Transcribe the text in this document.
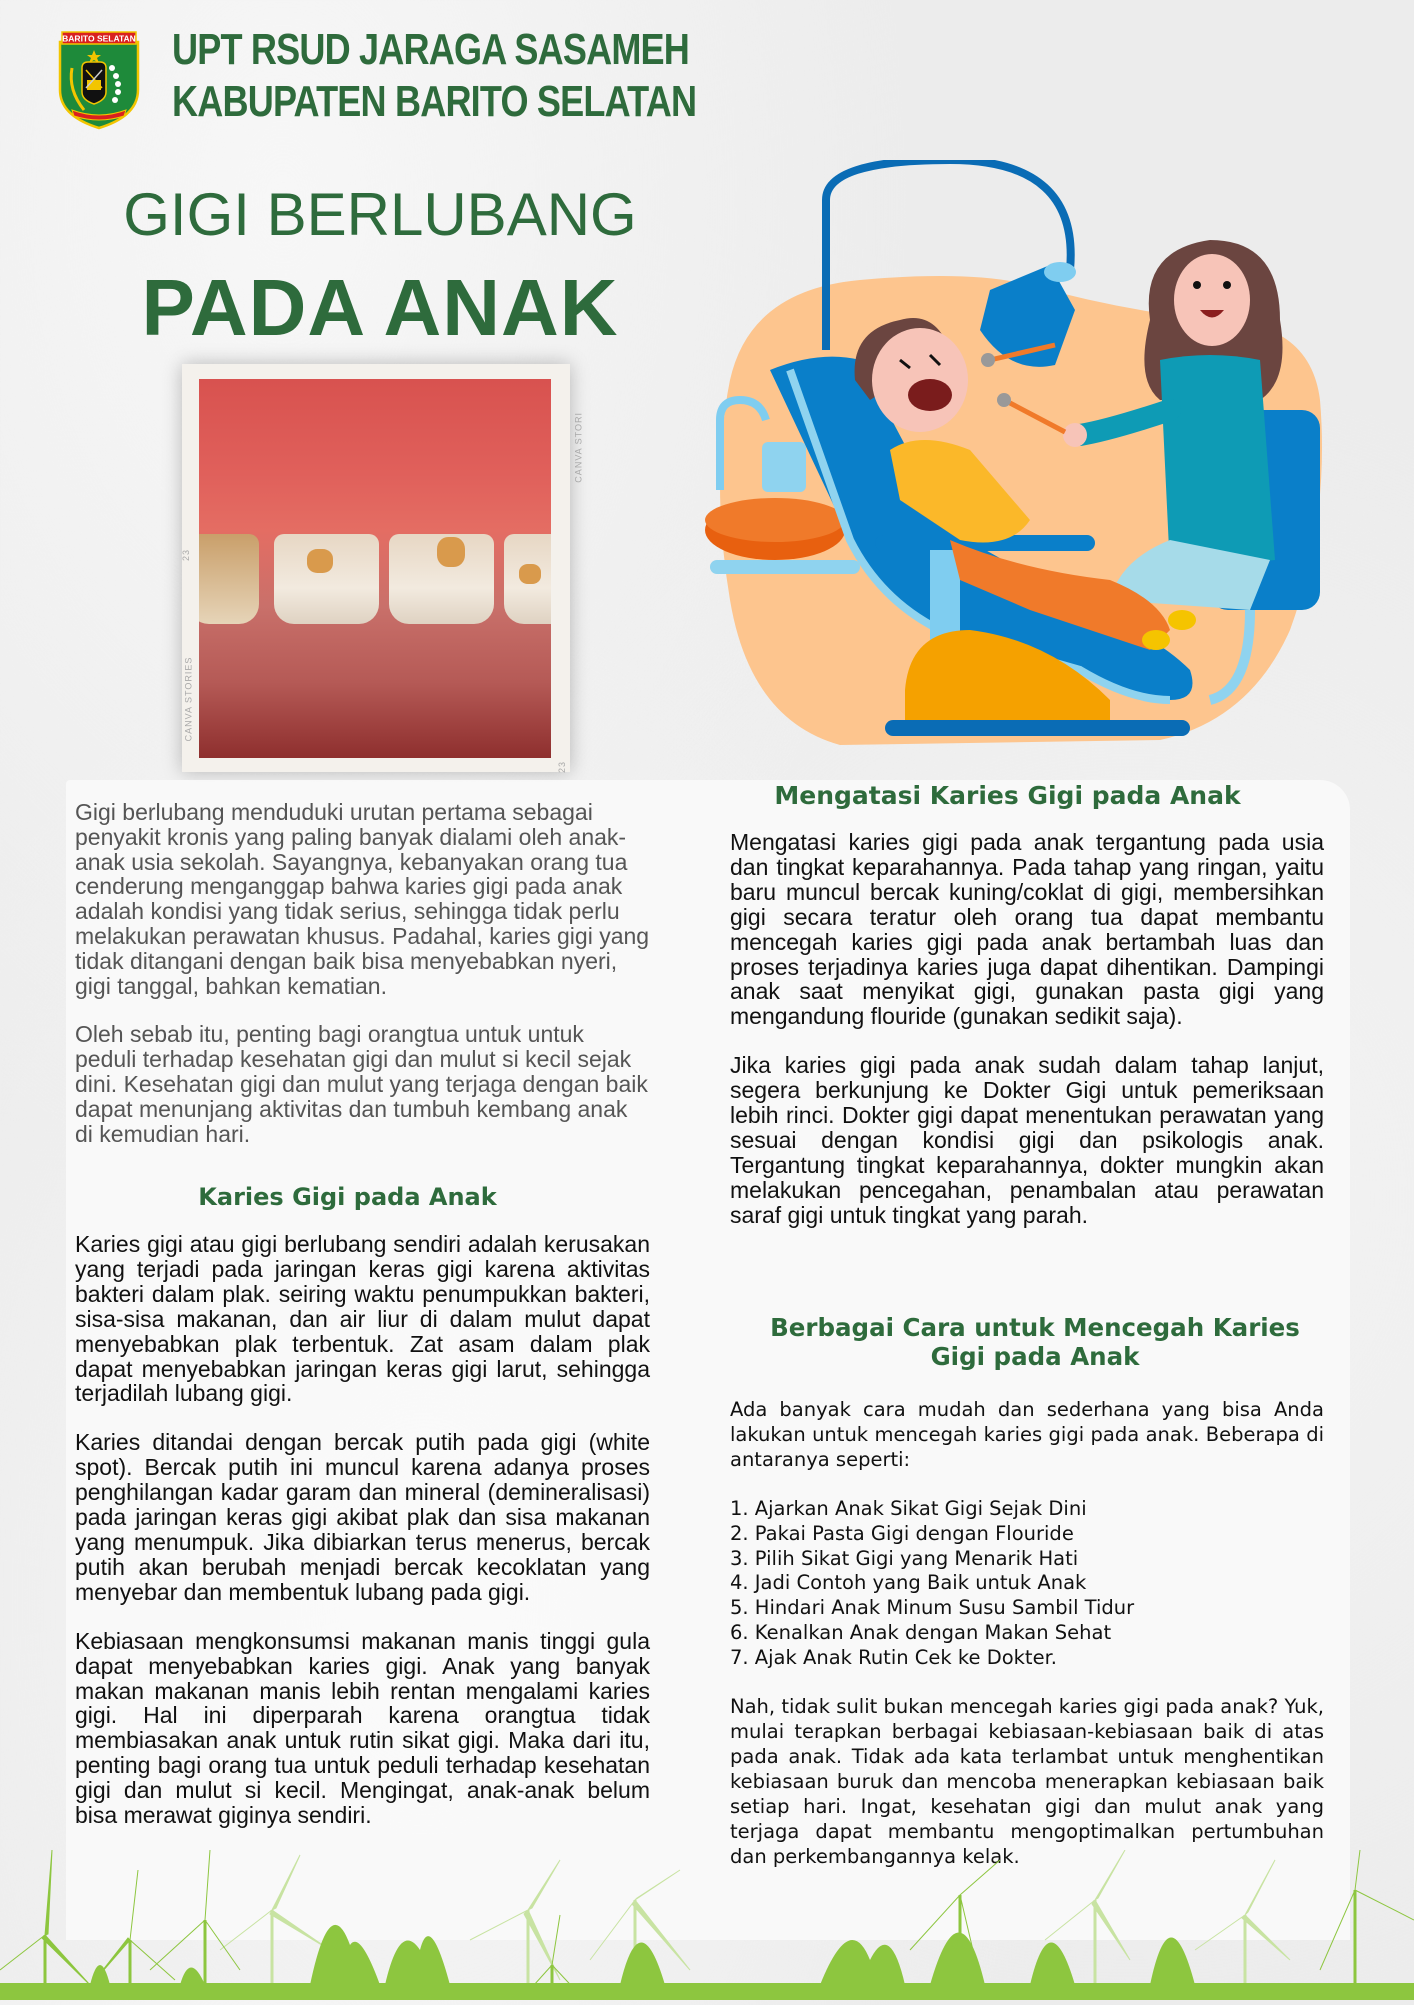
BARITO SELATAN UPT RSUD JARAGA SASAMEH
KABUPATEN BARITO SELATAN
GIGI BERLUBANG
PADA ANAK
CANVA STORI
CANVA STORIES
23
23

Gigi berlubang menduduki urutan pertama sebagai penyakit kronis yang paling banyak dialami oleh anak-anak usia sekolah. Sayangnya, kebanyakan orang tua cenderung menganggap bahwa karies gigi pada anak adalah kondisi yang tidak serius, sehingga tidak perlu melakukan perawatan khusus. Padahal, karies gigi yang tidak ditangani dengan baik bisa menyebabkan nyeri, gigi tanggal, bahkan kematian.

Oleh sebab itu, penting bagi orangtua untuk untuk peduli terhadap kesehatan gigi dan mulut si kecil sejak dini. Kesehatan gigi dan mulut yang terjaga dengan baik dapat menunjang aktivitas dan tumbuh kembang anak di kemudian hari.

Karies Gigi pada Anak

Karies gigi atau gigi berlubang sendiri adalah kerusakan yang terjadi pada jaringan keras gigi karena aktivitas bakteri dalam plak. seiring waktu penumpukkan bakteri, sisa-sisa makanan, dan air liur di dalam mulut dapat menyebabkan plak terbentuk. Zat asam dalam plak dapat menyebabkan jaringan keras gigi larut, sehingga terjadilah lubang gigi.

Karies ditandai dengan bercak putih pada gigi (white spot). Bercak putih ini muncul karena adanya proses penghilangan kadar garam dan mineral (demineralisasi) pada jaringan keras gigi akibat plak dan sisa makanan yang menumpuk. Jika dibiarkan terus menerus, bercak putih akan berubah menjadi bercak kecoklatan yang menyebar dan membentuk lubang pada gigi.

Kebiasaan mengkonsumsi makanan manis tinggi gula dapat menyebabkan karies gigi. Anak yang banyak makan makanan manis lebih rentan mengalami karies gigi. Hal ini diperparah karena orangtua tidak membiasakan anak untuk rutin sikat gigi. Maka dari itu, penting bagi orang tua untuk peduli terhadap kesehatan gigi dan mulut si kecil. Mengingat, anak-anak belum bisa merawat giginya sendiri.

Mengatasi Karies Gigi pada Anak

Mengatasi karies gigi pada anak tergantung pada usia dan tingkat keparahannya. Pada tahap yang ringan, yaitu baru muncul bercak kuning/coklat di gigi, membersihkan gigi secara teratur oleh orang tua dapat membantu mencegah karies gigi pada anak bertambah luas dan proses terjadinya karies juga dapat dihentikan. Dampingi anak saat menyikat gigi, gunakan pasta gigi yang mengandung flouride (gunakan sedikit saja).

Jika karies gigi pada anak sudah dalam tahap lanjut, segera berkunjung ke Dokter Gigi untuk pemeriksaan lebih rinci. Dokter gigi dapat menentukan perawatan yang sesuai dengan kondisi gigi dan psikologis anak. Tergantung tingkat keparahannya, dokter mungkin akan melakukan pencegahan, penambalan atau perawatan saraf gigi untuk tingkat yang parah.

Berbagai Cara untuk Mencegah Karies Gigi pada Anak

Ada banyak cara mudah dan sederhana yang bisa Anda lakukan untuk mencegah karies gigi pada anak. Beberapa di antaranya seperti:

1. Ajarkan Anak Sikat Gigi Sejak Dini
2. Pakai Pasta Gigi dengan Flouride
3. Pilih Sikat Gigi yang Menarik Hati
4. Jadi Contoh yang Baik untuk Anak
5. Hindari Anak Minum Susu Sambil Tidur
6. Kenalkan Anak dengan Makan Sehat
7. Ajak Anak Rutin Cek ke Dokter.

Nah, tidak sulit bukan mencegah karies gigi pada anak? Yuk, mulai terapkan berbagai kebiasaan-kebiasaan baik di atas pada anak. Tidak ada kata terlambat untuk menghentikan kebiasaan buruk dan mencoba menerapkan kebiasaan baik setiap hari. Ingat, kesehatan gigi dan mulut anak yang terjaga dapat membantu mengoptimalkan pertumbuhan dan perkembangannya kelak.
